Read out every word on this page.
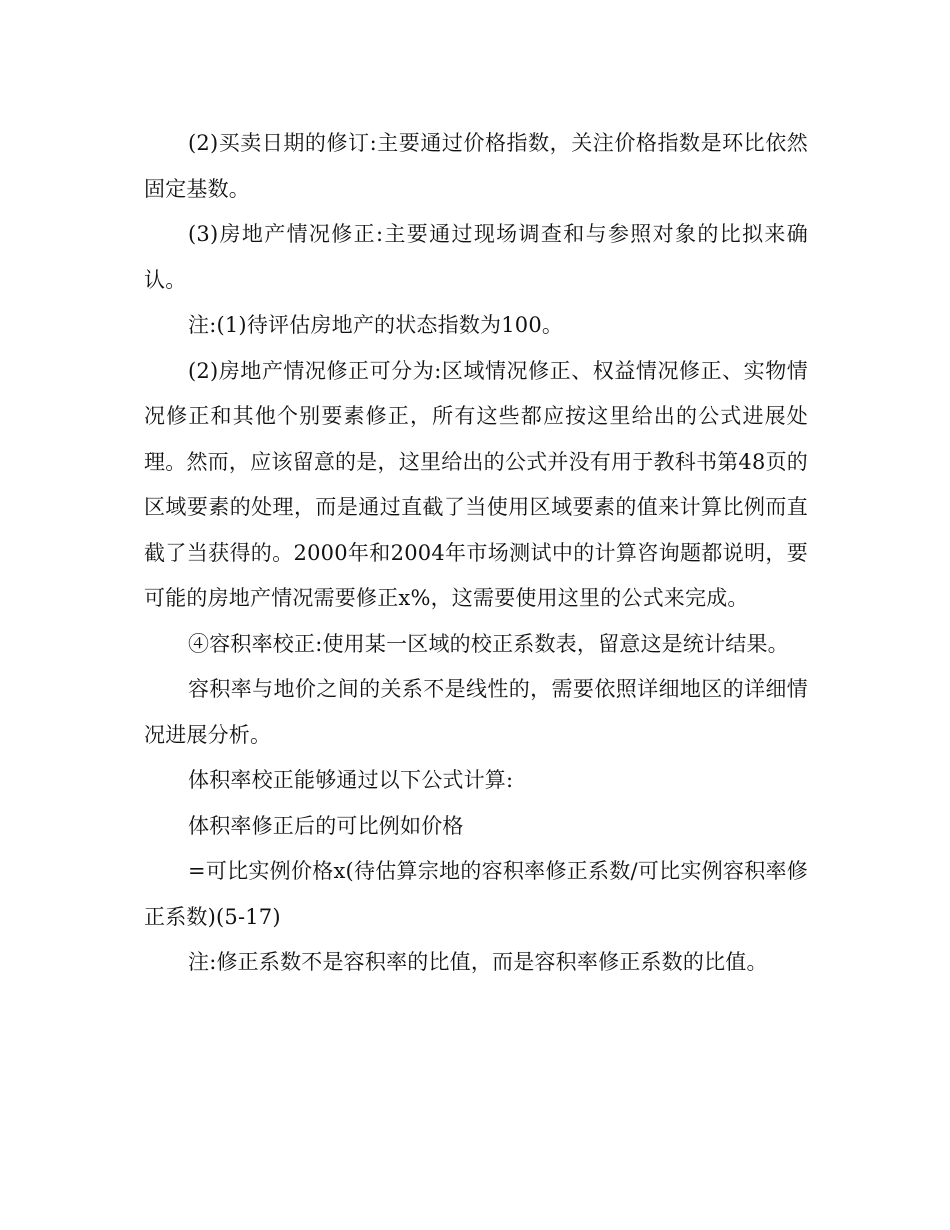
(2)买卖日期的修订:主要通过价格指数，关注价格指数是环比依然固定基数。

(3)房地产情况修正:主要通过现场调查和与参照对象的比拟来确认。

注:(1)待评估房地产的状态指数为100。

(2)房地产情况修正可分为:区域情况修正、权益情况修正、实物情况修正和其他个别要素修正，所有这些都应按这里给出的公式进展处理。然而，应该留意的是，这里给出的公式并没有用于教科书第48页的区域要素的处理，而是通过直截了当使用区域要素的值来计算比例而直截了当获得的。2000年和2004年市场测试中的计算咨询题都说明，要可能的房地产情况需要修正x%，这需要使用这里的公式来完成。

④容积率校正:使用某一区域的校正系数表，留意这是统计结果。

容积率与地价之间的关系不是线性的，需要依照详细地区的详细情况进展分析。

体积率校正能够通过以下公式计算:

体积率修正后的可比例如价格

=可比实例价格x(待估算宗地的容积率修正系数/可比实例容积率修正系数)(5-17)

注:修正系数不是容积率的比值，而是容积率修正系数的比值。
